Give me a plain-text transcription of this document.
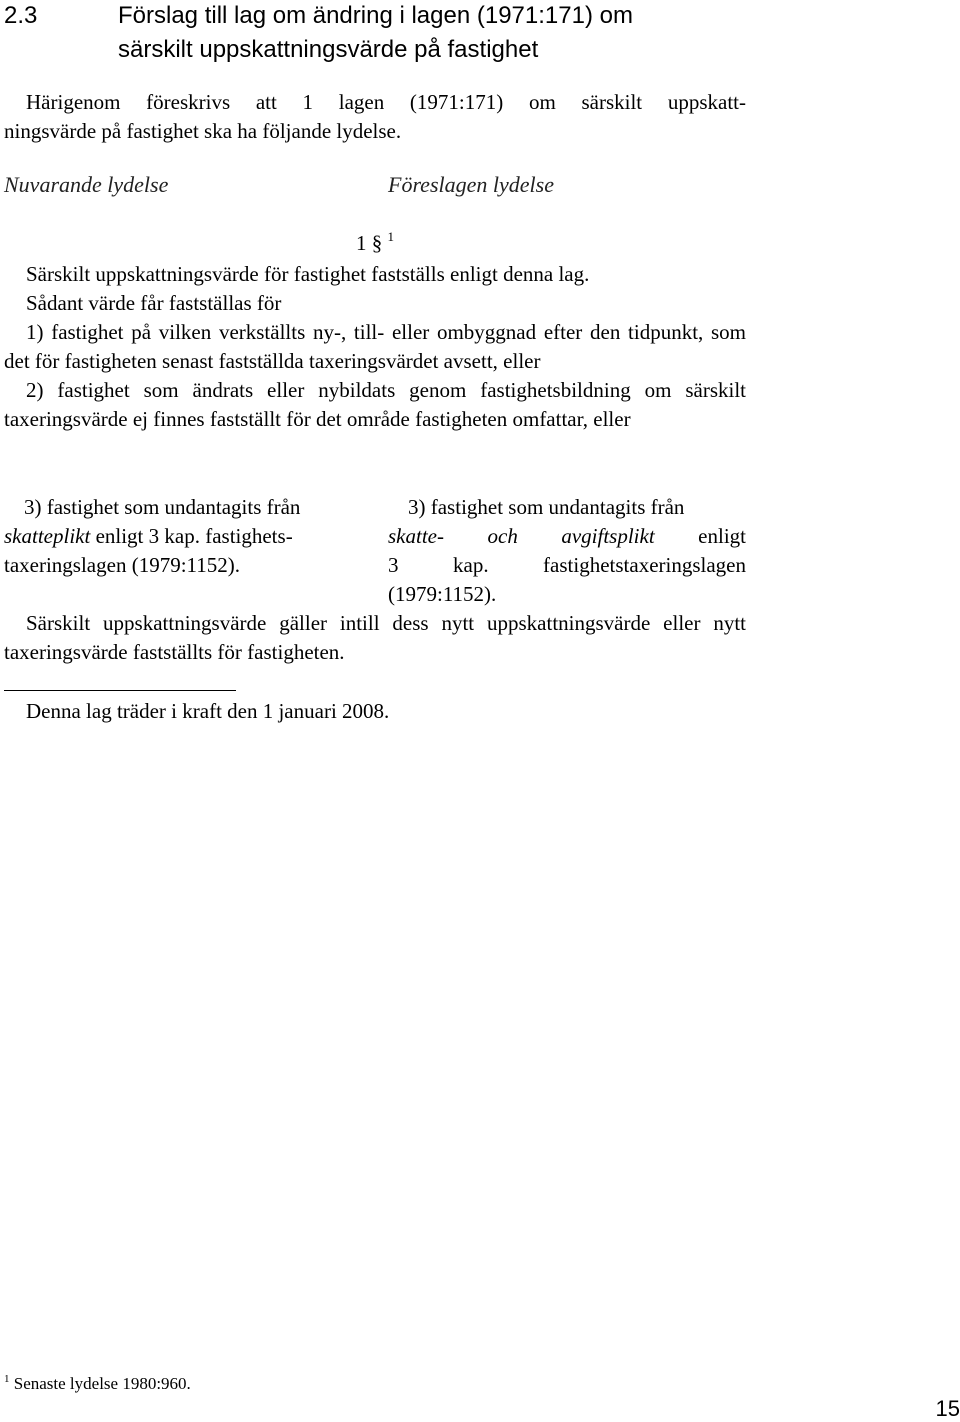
2.3	Förslag till lag om ändring i lagen (1971:171) om
särskilt uppskattningsvärde på fastighet
Härigenom föreskrivs att 1 lagen (1971:171) om särskilt uppskatt-
ningsvärde på fastighet ska ha följande lydelse.
Nuvarande lydelse	Föreslagen lydelse
1 § $^1$

Särskilt uppskattningsvärde för fastighet fastställs enligt denna lag.

Sådant värde får fastställas för

1) fastighet på vilken verkställts ny-, till- eller ombyggnad efter den tidpunkt, som det för fastigheten senast fastställda taxeringsvärdet avsett, eller

2) fastighet som ändrats eller nybildats genom fastighetsbildning om särskilt taxeringsvärde ej finnes fastställt för det område fastigheten omfattar, eller

3) fastighet som undantagits från

skatteplikt enligt 3 kap. fastighets-

taxeringslagen (1979:1152).

3) fastighet som undantagits från

skatte- och avgiftsplikt enligt

3 kap. fastighetstaxeringslagen

(1979:1152).

Särskilt uppskattningsvärde gäller intill dess nytt uppskattningsvärde eller nytt taxeringsvärde fastställts för fastigheten.

Denna lag träder i kraft den 1 januari 2008.
$^1$ Senaste lydelse 1980:960.
15
